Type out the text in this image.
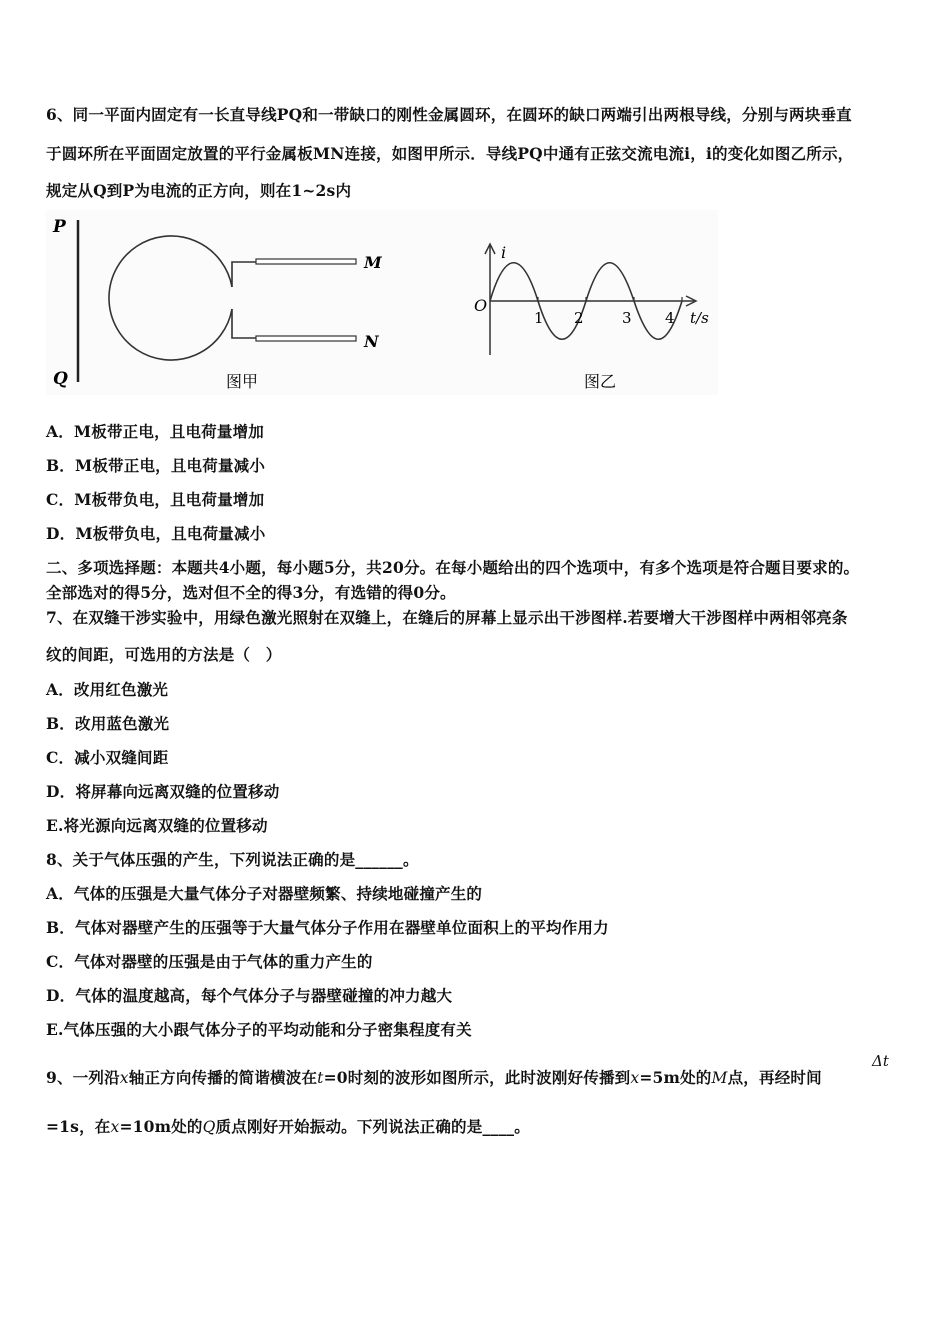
6、同一平面内固定有一长直导线PQ和一带缺口的刚性金属圆环，在圆环的缺口两端引出两根导线，分别与两块垂直
于圆环所在平面固定放置的平行金属板MN连接，如图甲所示．导线PQ中通有正弦交流电流i，i的变化如图乙所示，
规定从Q到P为电流的正方向，则在1~2s内
P
Q
M
N
图甲
i
t/s
O
1 2	3 4
图乙
A．M板带正电，且电荷量增加
B．M板带正电，且电荷量减小
C．M板带负电，且电荷量增加
D．M板带负电，且电荷量减小
二、多项选择题：本题共4小题，每小题5分，共20分。在每小题给出的四个选项中，有多个选项是符合题目要求的。
全部选对的得5分，选对但不全的得3分，有选错的得0分。
7、在双缝干涉实验中，用绿色激光照射在双缝上，在缝后的屏幕上显示出干涉图样.若要增大干涉图样中两相邻亮条
纹的间距，可选用的方法是（　）
A．改用红色激光
B．改用蓝色激光
C．减小双缝间距
D．将屏幕向远离双缝的位置移动
E.将光源向远离双缝的位置移动
8、关于气体压强的产生，下列说法正确的是______。
A．气体的压强是大量气体分子对器壁频繁、持续地碰撞产生的
B．气体对器壁产生的压强等于大量气体分子作用在器壁单位面积上的平均作用力
C．气体对器壁的压强是由于气体的重力产生的
D．气体的温度越高，每个气体分子与器壁碰撞的冲力越大
E.气体压强的大小跟气体分子的平均动能和分子密集程度有关
9、一列沿x轴正方向传播的简谐横波在t=0时刻的波形如图所示，此时波刚好传播到x=5m处的M点，再经时间
Δt
=1s，在x=10m处的Q质点刚好开始振动。下列说法正确的是____。
